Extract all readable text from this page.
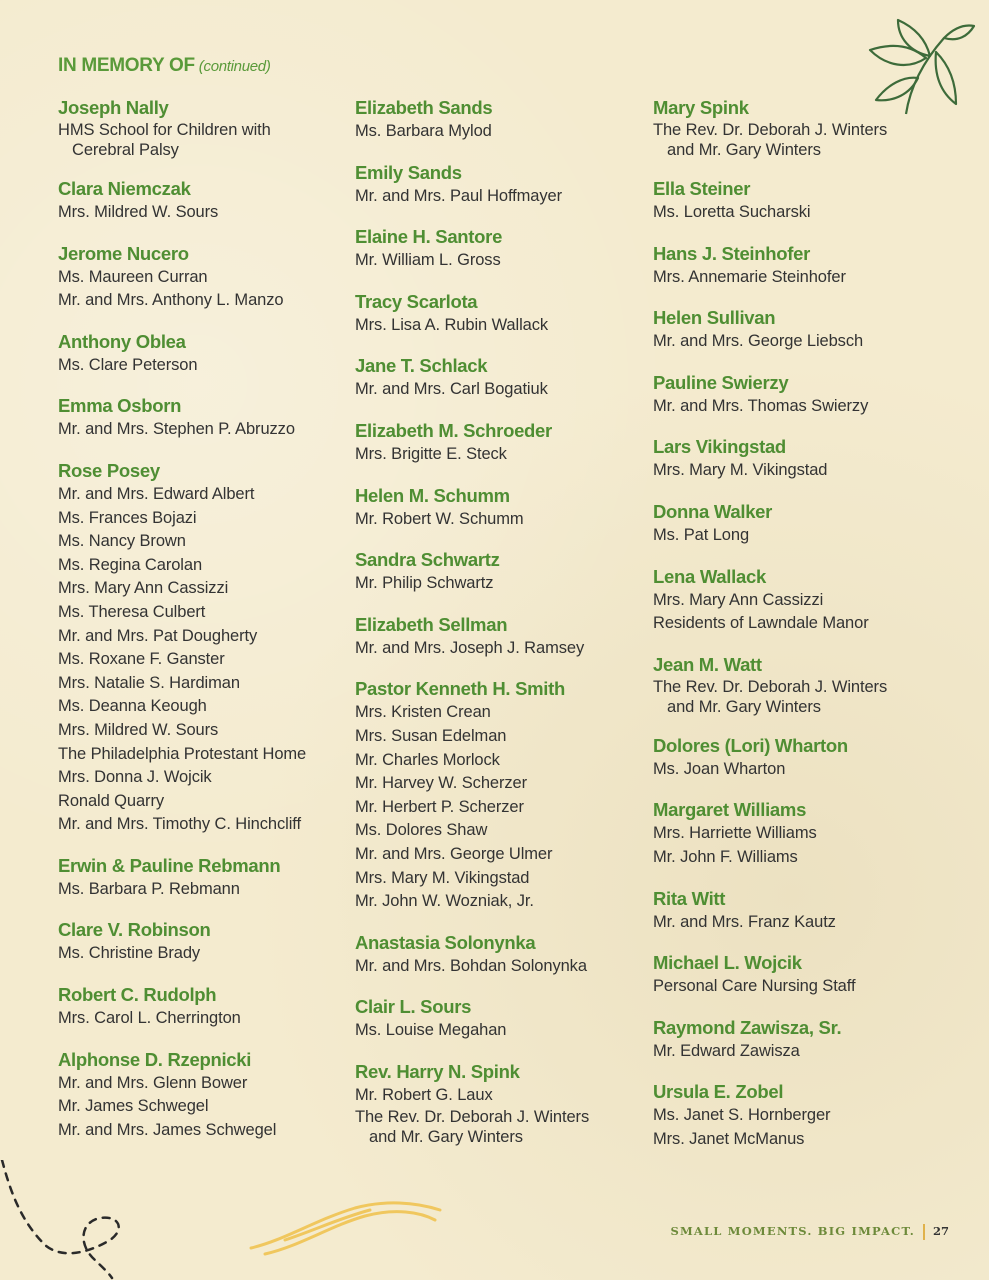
IN MEMORY OF (continued)
Joseph Nally
HMS School for Children with
Cerebral Palsy
Clara Niemczak
Mrs. Mildred W. Sours
Jerome Nucero
Ms. Maureen Curran
Mr. and Mrs. Anthony L. Manzo
Anthony Oblea
Ms. Clare Peterson
Emma Osborn
Mr. and Mrs. Stephen P. Abruzzo
Rose Posey
Mr. and Mrs. Edward Albert
Ms. Frances Bojazi
Ms. Nancy Brown
Ms. Regina Carolan
Mrs. Mary Ann Cassizzi
Ms. Theresa Culbert
Mr. and Mrs. Pat Dougherty
Ms. Roxane F. Ganster
Mrs. Natalie S. Hardiman
Ms. Deanna Keough
Mrs. Mildred W. Sours
The Philadelphia Protestant Home
Mrs. Donna J. Wojcik
Ronald Quarry
Mr. and Mrs. Timothy C. Hinchcliff
Erwin & Pauline Rebmann
Ms. Barbara P. Rebmann
Clare V. Robinson
Ms. Christine Brady
Robert C. Rudolph
Mrs. Carol L. Cherrington
Alphonse D. Rzepnicki
Mr. and Mrs. Glenn Bower
Mr. James Schwegel
Mr. and Mrs. James Schwegel
Elizabeth Sands
Ms. Barbara Mylod
Emily Sands
Mr. and Mrs. Paul Hoffmayer
Elaine H. Santore
Mr. William L. Gross
Tracy Scarlota
Mrs. Lisa A. Rubin Wallack
Jane T. Schlack
Mr. and Mrs. Carl Bogatiuk
Elizabeth M. Schroeder
Mrs. Brigitte E. Steck
Helen M. Schumm
Mr. Robert W. Schumm
Sandra Schwartz
Mr. Philip Schwartz
Elizabeth Sellman
Mr. and Mrs. Joseph J. Ramsey
Pastor Kenneth H. Smith
Mrs. Kristen Crean
Mrs. Susan Edelman
Mr. Charles Morlock
Mr. Harvey W. Scherzer
Mr. Herbert P. Scherzer
Ms. Dolores Shaw
Mr. and Mrs. George Ulmer
Mrs. Mary M. Vikingstad
Mr. John W. Wozniak, Jr.
Anastasia Solonynka
Mr. and Mrs. Bohdan Solonynka
Clair L. Sours
Ms. Louise Megahan
Rev. Harry N. Spink
Mr. Robert G. Laux
The Rev. Dr. Deborah J. Winters
and Mr. Gary Winters
Mary Spink
The Rev. Dr. Deborah J. Winters
and Mr. Gary Winters
Ella Steiner
Ms. Loretta Sucharski
Hans J. Steinhofer
Mrs. Annemarie Steinhofer
Helen Sullivan
Mr. and Mrs. George Liebsch
Pauline Swierzy
Mr. and Mrs. Thomas Swierzy
Lars Vikingstad
Mrs. Mary M. Vikingstad
Donna Walker
Ms. Pat Long
Lena Wallack
Mrs. Mary Ann Cassizzi
Residents of Lawndale Manor
Jean M. Watt
The Rev. Dr. Deborah J. Winters
and Mr. Gary Winters
Dolores (Lori) Wharton
Ms. Joan Wharton
Margaret Williams
Mrs. Harriette Williams
Mr. John F. Williams
Rita Witt
Mr. and Mrs. Franz Kautz
Michael L. Wojcik
Personal Care Nursing Staff
Raymond Zawisza, Sr.
Mr. Edward Zawisza
Ursula E. Zobel
Ms. Janet S. Hornberger
Mrs. Janet McManus
SMALL MOMENTS. BIG IMPACT. 27
